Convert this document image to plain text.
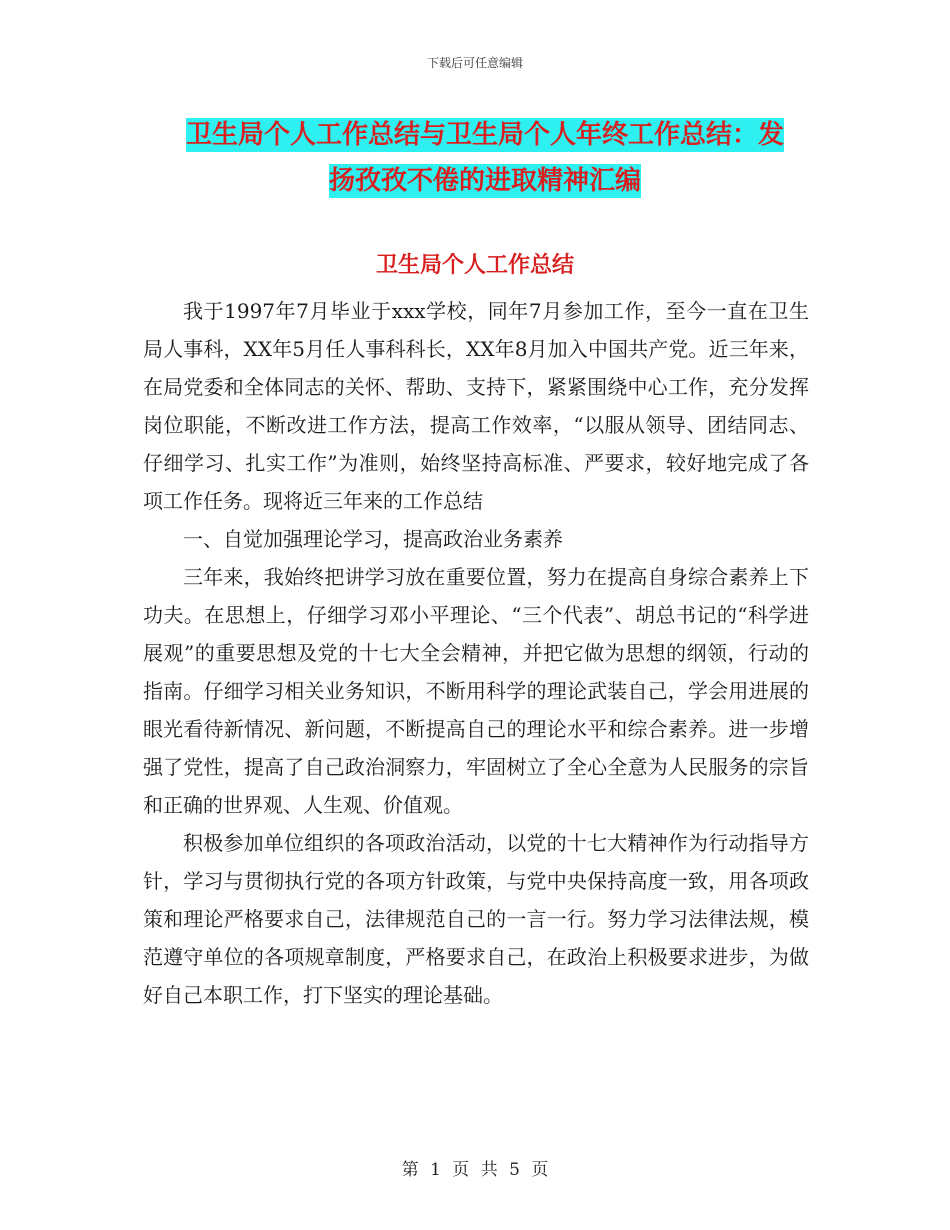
下载后可任意编辑
卫生局个人工作总结与卫生局个人年终工作总结：发
扬孜孜不倦的进取精神汇编
卫生局个人工作总结

我于1997年7月毕业于xxx学校，同年7月参加工作，至今一直在卫生局人事科，XX年5月任人事科科长，XX年8月加入中国共产党。近三年来，在局党委和全体同志的关怀、帮助、支持下，紧紧围绕中心工作，充分发挥岗位职能，不断改进工作方法，提高工作效率，“以服从领导、团结同志、仔细学习、扎实工作”为准则，始终坚持高标准、严要求，较好地完成了各项工作任务。现将近三年来的工作总结

一、自觉加强理论学习，提高政治业务素养

三年来，我始终把讲学习放在重要位置，努力在提高自身综合素养上下功夫。在思想上，仔细学习邓小平理论、“三个代表”、胡总书记的“科学进展观”的重要思想及党的十七大全会精神，并把它做为思想的纲领，行动的指南。仔细学习相关业务知识，不断用科学的理论武装自己，学会用进展的眼光看待新情况、新问题，不断提高自己的理论水平和综合素养。进一步增强了党性，提高了自己政治洞察力，牢固树立了全心全意为人民服务的宗旨和正确的世界观、人生观、价值观。

积极参加单位组织的各项政治活动，以党的十七大精神作为行动指导方针，学习与贯彻执行党的各项方针政策，与党中央保持高度一致，用各项政策和理论严格要求自己，法律规范自己的一言一行。努力学习法律法规，模范遵守单位的各项规章制度，严格要求自己，在政治上积极要求进步，为做好自己本职工作，打下坚实的理论基础。

第 1 页 共 5 页
